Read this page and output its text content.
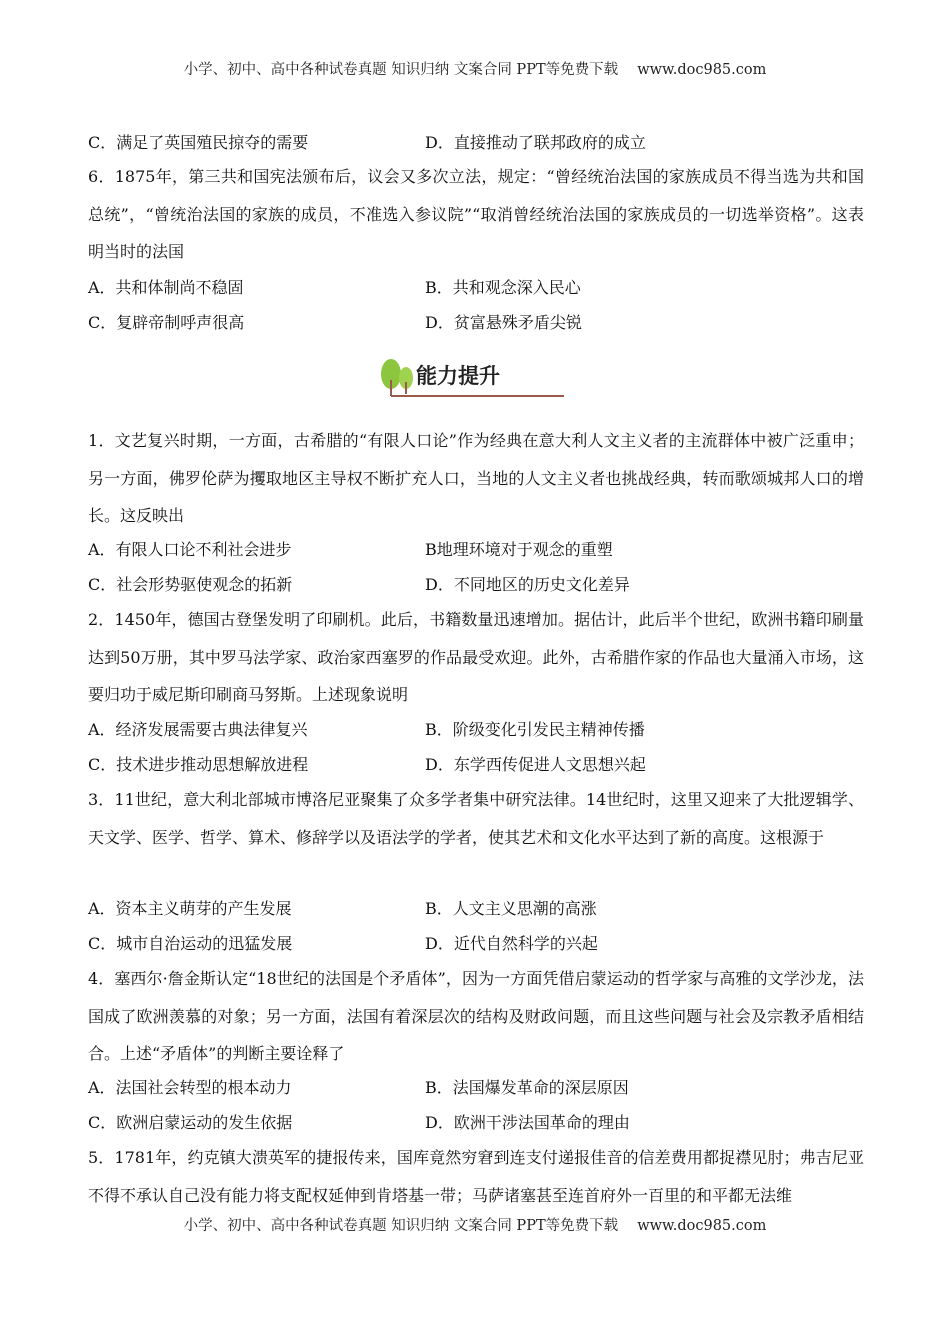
小学、初中、高中各种试卷真题 知识归纳 文案合同 PPT等免费下载　 www.doc985.com
C．满足了英国殖民掠夺的需要	D．直接推动了联邦政府的成立

6．1875年，第三共和国宪法颁布后，议会又多次立法，规定：“曾经统治法国的家族成员不得当选为共和国总统”，“曾统治法国的家族的成员，不准选入参议院”“取消曾经统治法国的家族成员的一切选举资格”。这表明当时的法国

A．共和体制尚不稳固	B．共和观念深入民心
C．复辟帝制呼声很高	D．贫富悬殊矛盾尖锐
能力提升

1．文艺复兴时期，一方面，古希腊的“有限人口论”作为经典在意大利人文主义者的主流群体中被广泛重申；另一方面，佛罗伦萨为攫取地区主导权不断扩充人口，当地的人文主义者也挑战经典，转而歌颂城邦人口的增长。这反映出

A．有限人口论不利社会进步	B地理环境对于观念的重塑
C．社会形势驱使观念的拓新	D．不同地区的历史文化差异

2．1450年，德国古登堡发明了印刷机。此后，书籍数量迅速增加。据估计，此后半个世纪，欧洲书籍印刷量达到50万册，其中罗马法学家、政治家西塞罗的作品最受欢迎。此外，古希腊作家的作品也大量涌入市场，这要归功于威尼斯印刷商马努斯。上述现象说明

A．经济发展需要古典法律复兴	B．阶级变化引发民主精神传播
C．技术进步推动思想解放进程	D．东学西传促进人文思想兴起

3．11世纪，意大利北部城市博洛尼亚聚集了众多学者集中研究法律。14世纪时，这里又迎来了大批逻辑学、天文学、医学、哲学、算术、修辞学以及语法学的学者，使其艺术和文化水平达到了新的高度。这根源于

A．资本主义萌芽的产生发展	B．人文主义思潮的高涨
C．城市自治运动的迅猛发展	D．近代自然科学的兴起

4．塞西尔·詹金斯认定“18世纪的法国是个矛盾体”，因为一方面凭借启蒙运动的哲学家与高雅的文学沙龙，法国成了欧洲羡慕的对象；另一方面，法国有着深层次的结构及财政问题，而且这些问题与社会及宗教矛盾相结合。上述“矛盾体”的判断主要诠释了

A．法国社会转型的根本动力	B．法国爆发革命的深层原因
C．欧洲启蒙运动的发生依据	D．欧洲干涉法国革命的理由

5．1781年，约克镇大溃英军的捷报传来，国库竟然穷窘到连支付递报佳音的信差费用都捉襟见肘；弗吉尼亚不得不承认自己没有能力将支配权延伸到肯塔基一带；马萨诸塞甚至连首府外一百里的和平都无法维

小学、初中、高中各种试卷真题 知识归纳 文案合同 PPT等免费下载　 www.doc985.com
